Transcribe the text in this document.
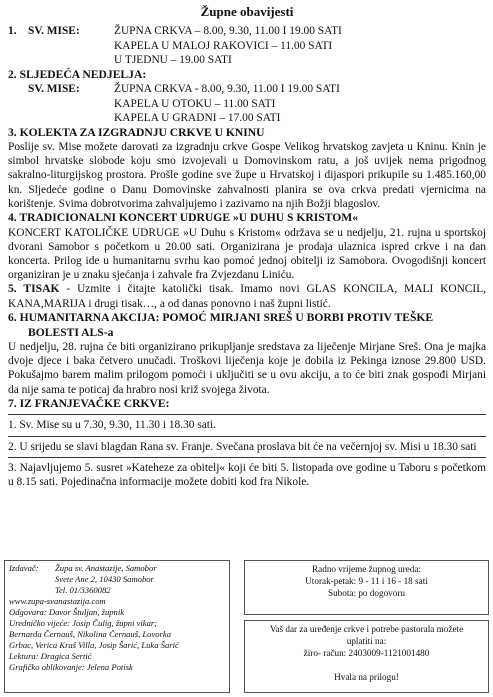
Župne obavijesti
1. SV. MISE:	ŽUPNA CRKVA – 8.00, 9.30, 11.00 I 19.00 SATI
KAPELA U MALOJ RAKOVICI – 11.00 SATI
U TJEDNU – 19.00 SATI
2. SLJEDEĆA NEDJELJA:
SV. MISE:	ŽUPNA CRKVA - 8.00, 9.30, 11.00 I 19.00 SATI
KAPELA U OTOKU – 11.00 SATI
KAPELA U GRADNI – 17.00 SATI
3. KOLEKTA ZA IZGRADNJU CRKVE U KNINU
Poslije sv. Mise možete darovati za izgradnju crkve Gospe Velikog hrvatskog zavjeta u Kninu. Knin je simbol hrvatske slobode koju smo izvojevali u Domovinskom ratu, a još uvijek nema prigodnog sakralno-liturgijskog prostora. Prošle godine sve župe u Hrvatskoj i dijaspori prikupile su 1.485.160,00 kn. Sljedeće godine o Danu Domovinske zahvalnosti planira se ova crkva predati vjernicima na korištenje. Svima dobrotvorima zahvaljujemo i zazivamo na njih Božji blagoslov.
4. TRADICIONALNI KONCERT UDRUGE »U DUHU S KRISTOM«
KONCERT KATOLIČKE UDRUGE »U Duhu s Kristom« održava se u nedjelju, 21. rujna u sportskoj dvorani Samobor s početkom u 20.00 sati. Organizirana je prodaja ulaznica ispred crkve i na dan koncerta. Prilog ide u humanitarnu svrhu kao pomoć jednoj obitelji iz Samobora. Ovogodišnji koncert organiziran je u znaku sjećanja i zahvale fra Zvjezdanu Liniću.
5. TISAK - Uzmite i čitajte katolički tisak. Imamo novi GLAS KONCILA, MALI KONCIL, KANA,MARIJA i drugi tisak…, a od danas ponovno i naš župni listić.
6. HUMANITARNA AKCIJA: POMOĆ MIRJANI SREŠ U BORBI PROTIV TEŠKE
BOLESTI ALS-a
U nedjelju, 28. rujna će biti organizirano prikupljanje sredstava za liječenje Mirjane Sreš. Ona je majka dvoje djece i baka četvero unučadi. Troškovi liječenja koje je dobila iz Pekinga iznose 29.800 USD. Pokušajmo barem malim prilogom pomoći i uključiti se u ovu akciju, a to će biti znak gospođi Mirjani da nije sama te poticaj da hrabro nosi križ svojega života.
7. IZ FRANJEVAČKE CRKVE:
1. Sv. Mise su u 7.30, 9.30, 11.30 i 18.30 sati.
2. U srijedu se slavi blagdan Rana sv. Franje. Svečana proslava bit će na večernjoj sv. Misi u 18.30 sati
3. Najavljujemo 5. susret »Kateheze za obitelj« koji će biti 5. listopada ove godine u Taboru s početkom u 8.15 sati. Pojedinačna informacije možete dobiti kod fra Nikole.
Izdavač: Župa sv. Anastazije, Samobor
Svete Ane 2, 10430 Samobor
Tel. 01/3360082
www.zupa-svanastazija.com
Odgovara: Davor Štuljan, župnik
Uredničko vijeće: Josip Čulig, župni vikar;
Bernarda Černauš, Nikolina Černauš, Lovorka
Grbac, Verica Kraš Villa, Josip Šarić, Luka Šarić
Lektura: Dragica Sertić
Grafičko oblikovanje: Jelena Potisk
Radno vrijeme župnog ureda:
Utorak-petak: 9 - 11 i 16 - 18 sati
Subota: po dogovoru
Vaš dar za uređenje crkve i potrebe pastorala možete
uplatiti na:
žiro- račun: 2403009-1121001480
Hvala na prilogu!
